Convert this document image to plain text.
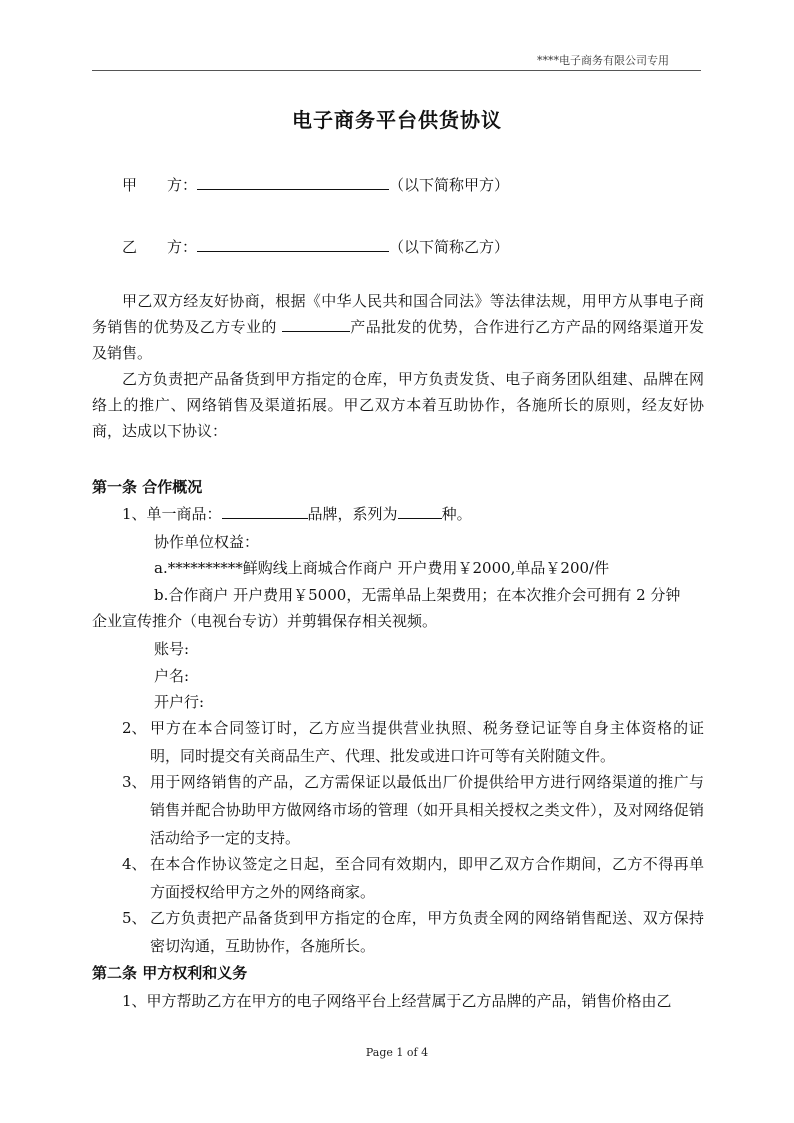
****电子商务有限公司专用
电子商务平台供货协议
甲　　方：	（以下简称甲方）
乙　　方：	（以下简称乙方）

甲乙双方经友好协商，根据《中华人民共和国合同法》等法律法规，用甲方从事电子商务销售的优势及乙方专业的	产品批发的优势，合作进行乙方产品的网络渠道开发及销售。

乙方负责把产品备货到甲方指定的仓库，甲方负责发货、电子商务团队组建、品牌在网络上的推广、网络销售及渠道拓展。甲乙双方本着互助协作，各施所长的原则，经友好协商，达成以下协议：

第一条 合作概况
1、单一商品：	品牌，系列为	种。
协作单位权益：
a.**********鲜购线上商城合作商户 开户费用￥2000,单品￥200/件
b.合作商户 开户费用￥5000，无需单品上架费用；在本次推介会可拥有 2 分钟
企业宣传推介（电视台专访）并剪辑保存相关视频。
账号:
户名:
开户行:
2、 甲方在本合同签订时，乙方应当提供营业执照、税务登记证等自身主体资格的证明，同时提交有关商品生产、代理、批发或进口许可等有关附随文件。
3、 用于网络销售的产品，乙方需保证以最低出厂价提供给甲方进行网络渠道的推广与销售并配合协助甲方做网络市场的管理（如开具相关授权之类文件），及对网络促销活动给予一定的支持。
4、 在本合作协议签定之日起，至合同有效期内，即甲乙双方合作期间，乙方不得再单方面授权给甲方之外的网络商家。
5、 乙方负责把产品备货到甲方指定的仓库，甲方负责全网的网络销售配送、双方保持密切沟通，互助协作，各施所长。
第二条 甲方权利和义务
1、甲方帮助乙方在甲方的电子网络平台上经营属于乙方品牌的产品，销售价格由乙
Page 1 of 4
